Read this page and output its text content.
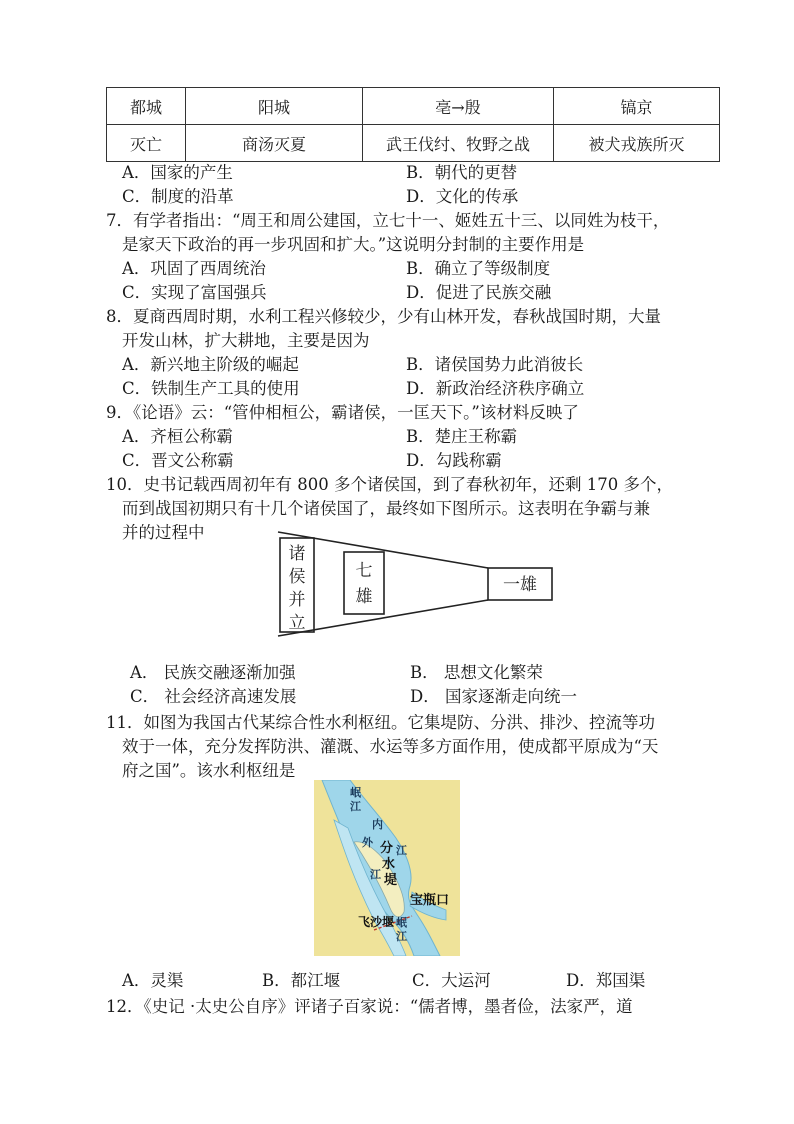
都城	阳城	亳→殷	镐京
灭亡	商汤灭夏	武王伐纣、牧野之战	被犬戎族所灭
A．国家的产生	B．朝代的更替
C．制度的沿革	D．文化的传承
7．有学者指出：“周王和周公建国，立七十一、姬姓五十三、以同姓为枝干，
是家天下政治的再一步巩固和扩大。”这说明分封制的主要作用是
A．巩固了西周统治	B．确立了等级制度
C．实现了富国强兵	D．促进了民族交融
8．夏商西周时期，水利工程兴修较少，少有山林开发，春秋战国时期，大量
开发山林，扩大耕地，主要是因为
A．新兴地主阶级的崛起	B．诸侯国势力此消彼长
C．铁制生产工具的使用	D．新政治经济秩序确立
9．《论语》云：“管仲相桓公，霸诸侯，一匡天下。”该材料反映了
A．齐桓公称霸	B．楚庄王称霸
C．晋文公称霸	D．勾践称霸
10．史书记载西周初年有 800 多个诸侯国，到了春秋初年，还剩 170 多个，
而到战国初期只有十几个诸侯国了，最终如下图所示。这表明在争霸与兼
并的过程中
诸
侯
并
立
七
雄
一雄
A． 民族交融逐渐加强	B． 思想文化繁荣
C． 社会经济高速发展	D． 国家逐渐走向统一
11．如图为我国古代某综合性水利枢纽。它集堤防、分洪、排沙、控流等功
效于一体，充分发挥防洪、灌溉、水运等多方面作用，使成都平原成为“天
府之国”。该水利枢纽是
岷
江
内
外
江
江
岷
江
分
水
堤
宝瓶口
飞沙堰
A．灵渠	B．都江堰	C．大运河	D．郑国渠
12．《史记 ·太史公自序》评诸子百家说：“儒者博，墨者俭，法家严，道
